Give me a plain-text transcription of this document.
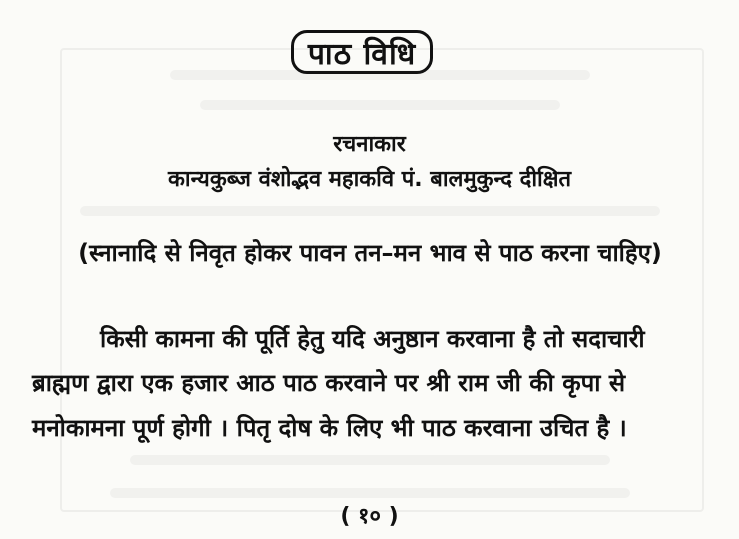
पाठ विधि
रचनाकार
कान्यकुब्ज वंशोद्भव महाकवि पं. बालमुकुन्द दीक्षित
(स्नानादि से निवृत होकर पावन तन–मन भाव से पाठ करना चाहिए)
किसी कामना की पूर्ति हेतु यदि अनुष्ठान करवाना है तो सदाचारी
ब्राह्मण द्वारा एक हजार आठ पाठ करवाने पर श्री राम जी की कृपा से
मनोकामना पूर्ण होगी । पितृ दोष के लिए भी पाठ करवाना उचित है ।
( १० )
